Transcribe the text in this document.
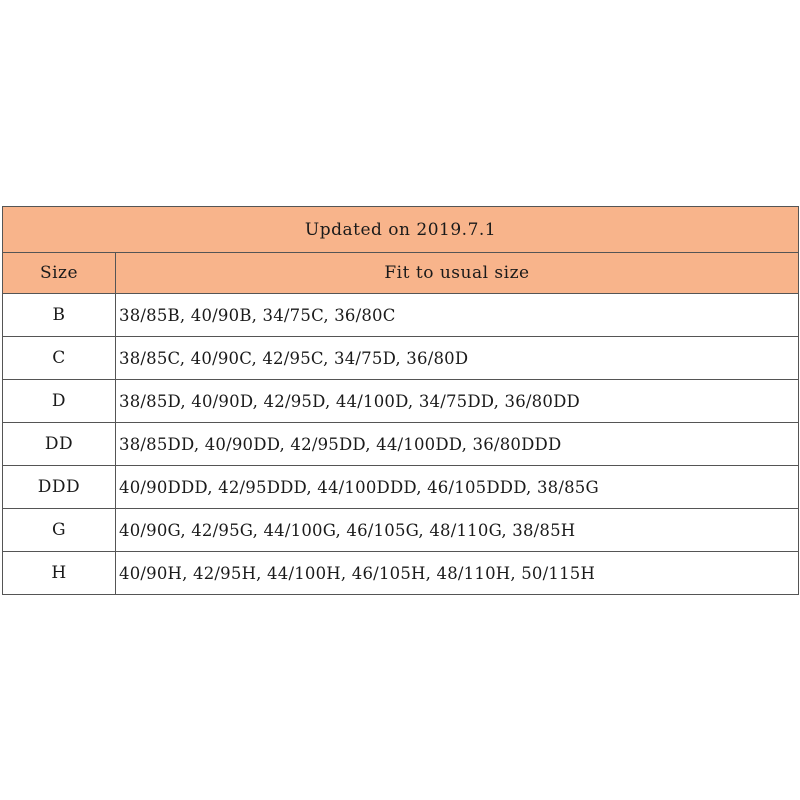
Updated on 2019.7.1	
Size	Fit to usual size
B	38/85B, 40/90B, 34/75C, 36/80C
C	38/85C, 40/90C, 42/95C, 34/75D, 36/80D
D	38/85D, 40/90D, 42/95D, 44/100D, 34/75DD, 36/80DD
DD	38/85DD, 40/90DD, 42/95DD, 44/100DD, 36/80DDD
DDD	40/90DDD, 42/95DDD, 44/100DDD, 46/105DDD, 38/85G
G	40/90G, 42/95G, 44/100G, 46/105G, 48/110G, 38/85H
H	40/90H, 42/95H, 44/100H, 46/105H, 48/110H, 50/115H
